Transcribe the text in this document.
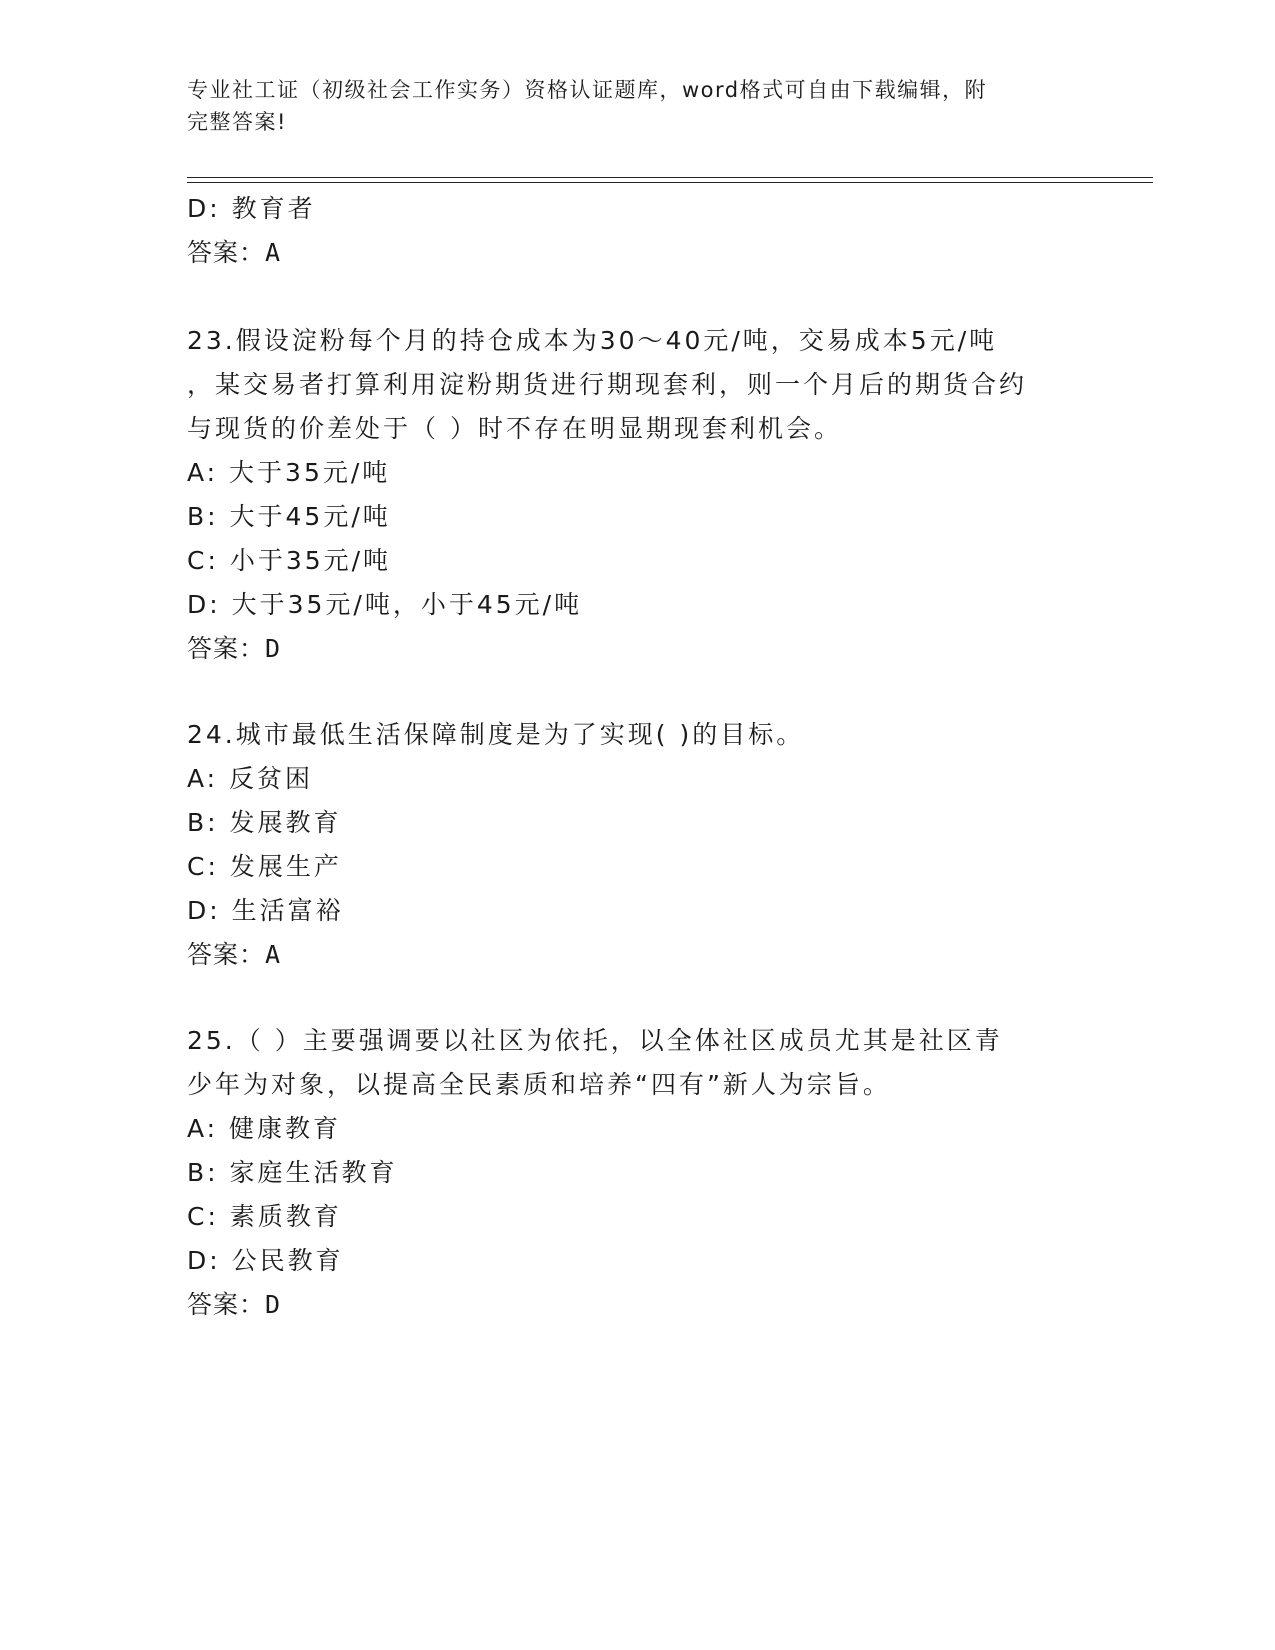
专业社工证（初级社会工作实务）资格认证题库，word格式可自由下载编辑，附
完整答案!
D: 教育者
答案：A
23.假设淀粉每个月的持仓成本为30～40元/吨，交易成本5元/吨
，某交易者打算利用淀粉期货进行期现套利，则一个月后的期货合约
与现货的价差处于（ ）时不存在明显期现套利机会。
A: 大于35元/吨
B: 大于45元/吨
C: 小于35元/吨
D: 大于35元/吨，小于45元/吨
答案：D
24.城市最低生活保障制度是为了实现( )的目标。
A: 反贫困
B: 发展教育
C: 发展生产
D: 生活富裕
答案：A
25.（ ）主要强调要以社区为依托，以全体社区成员尤其是社区青
少年为对象，以提高全民素质和培养“四有”新人为宗旨。
A: 健康教育
B: 家庭生活教育
C: 素质教育
D: 公民教育
答案：D
